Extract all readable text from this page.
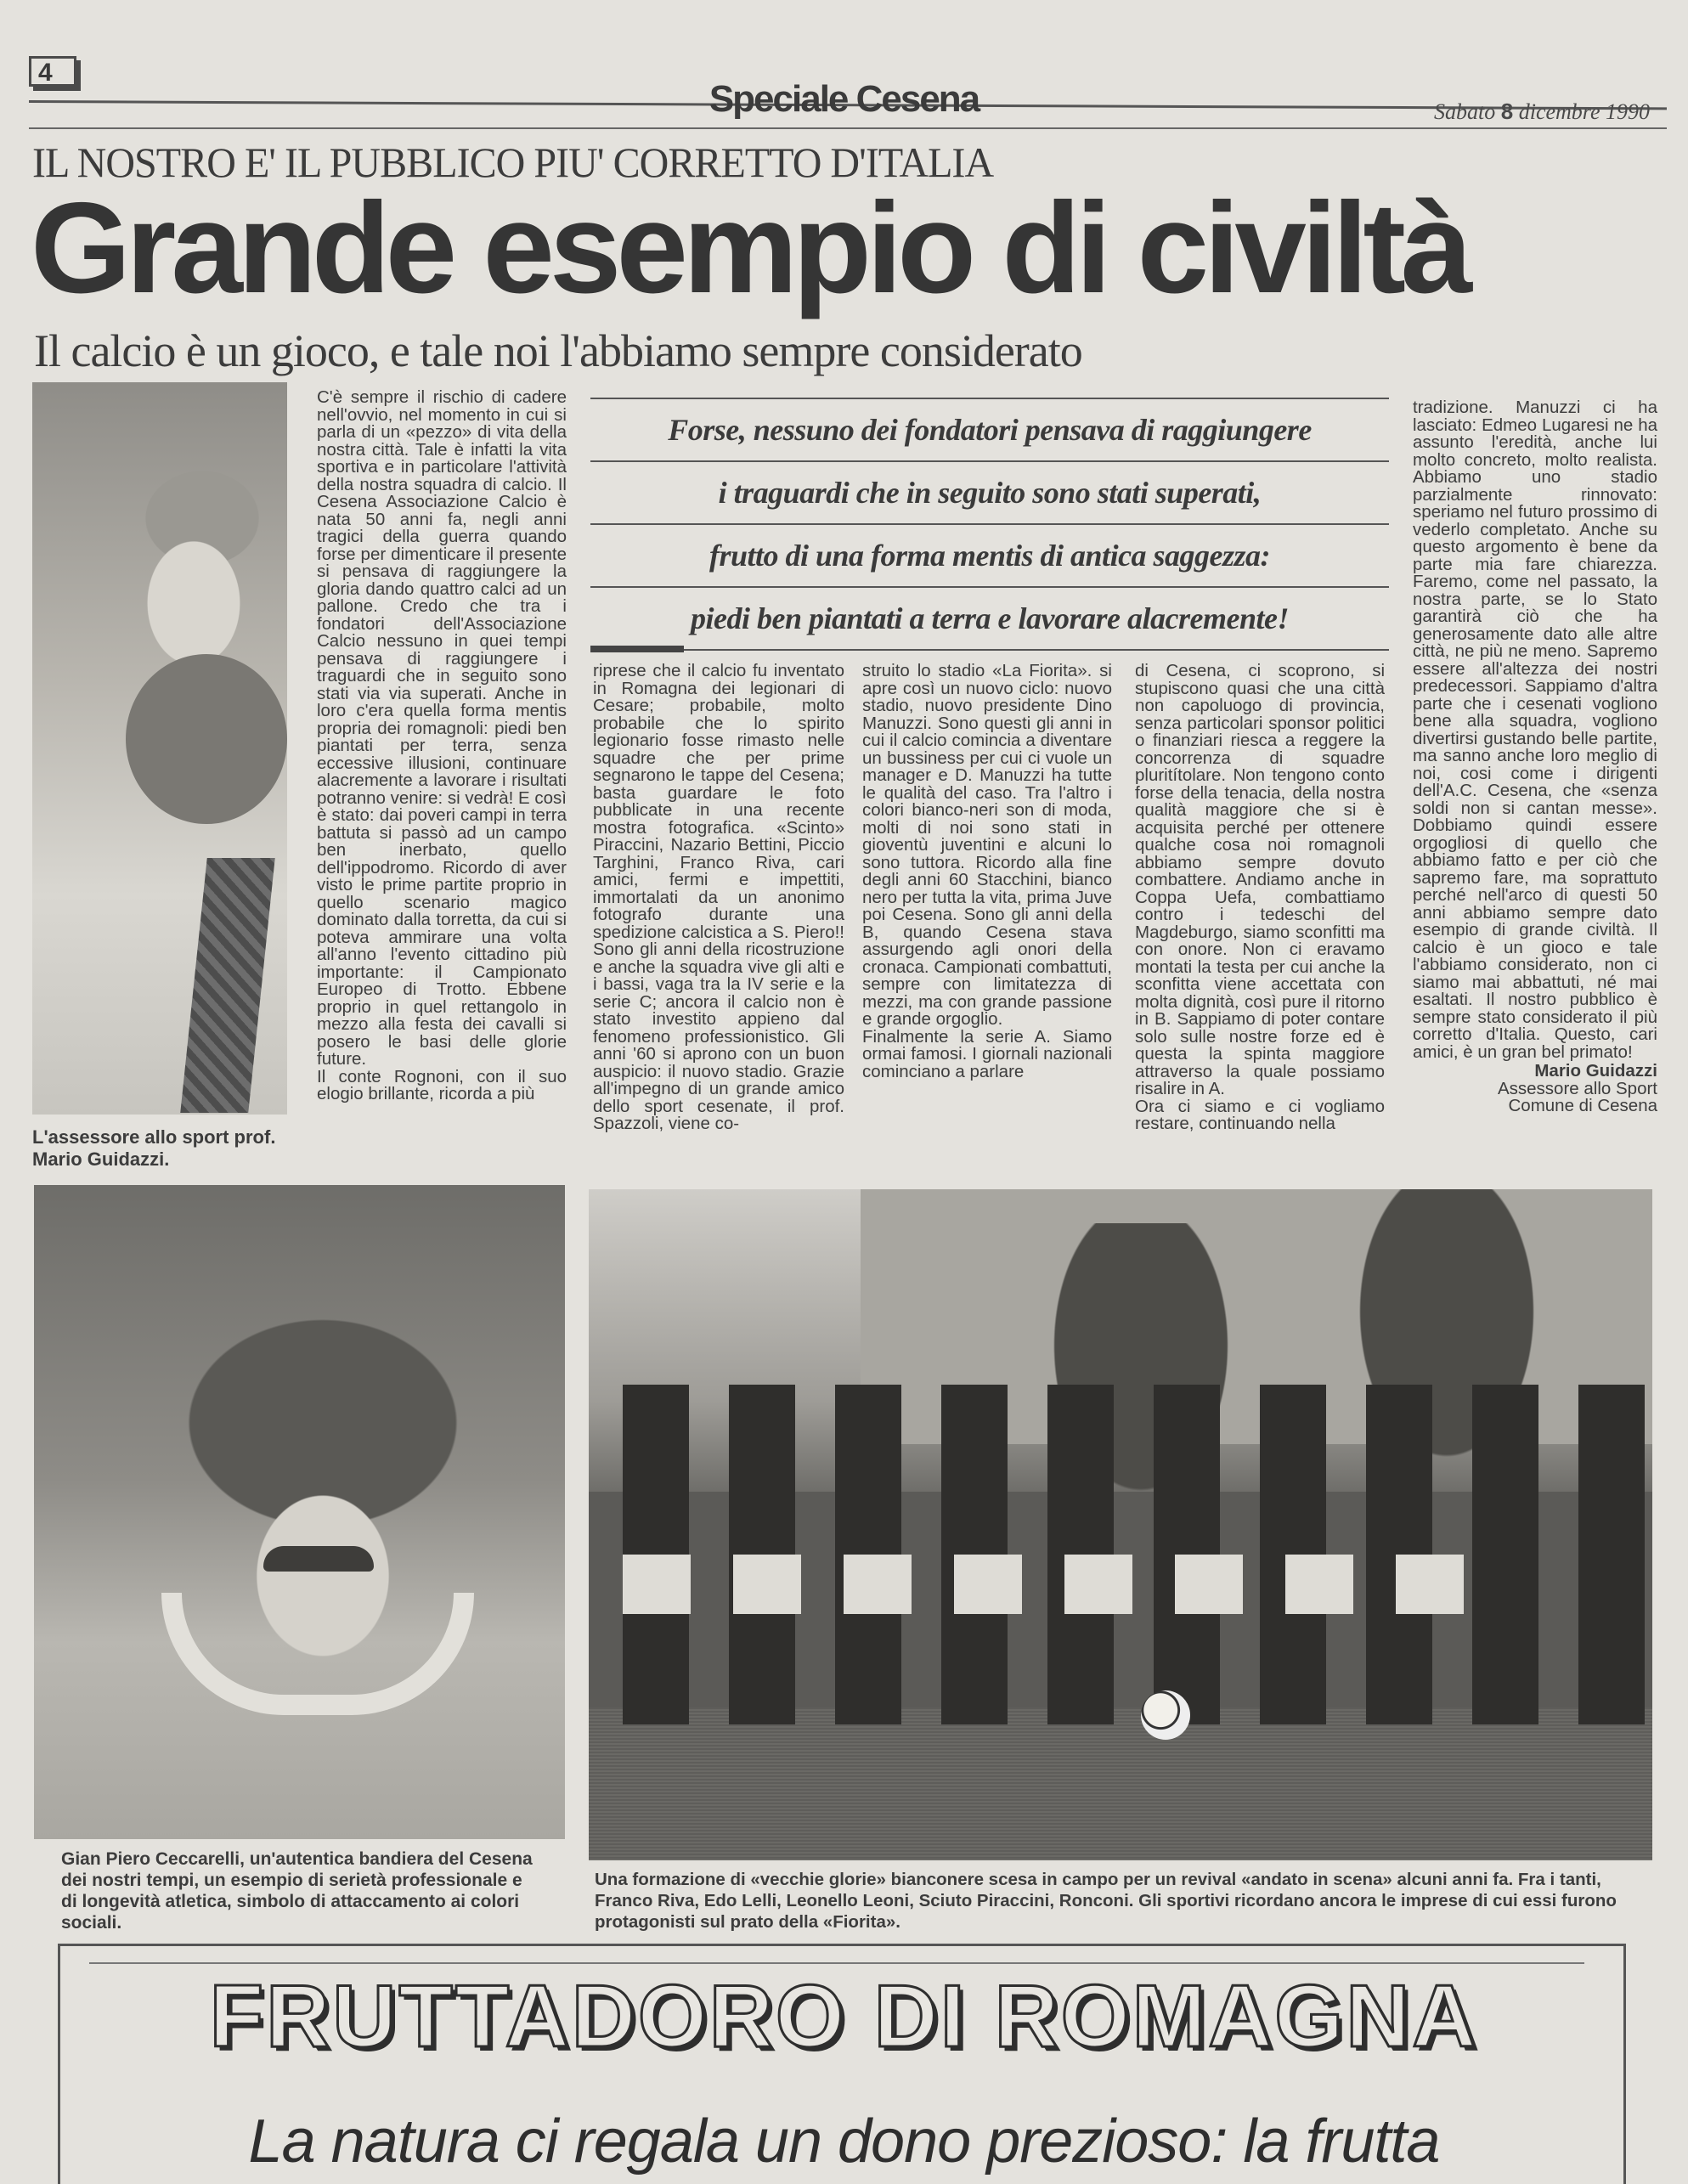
4
Speciale Cesena	Sabato 8 dicembre 1990
IL NOSTRO E' IL PUBBLICO PIU' CORRETTO D'ITALIA
Grande esempio di civiltà
Il calcio è un gioco, e tale noi l'abbiamo sempre considerato
L'assessore allo sport prof. Mario Guidazzi.

C'è sempre il rischio di cadere nell'ovvio, nel momento in cui si parla di un «pezzo» di vita della nostra città. Tale è infatti la vita sportiva e in particolare l'attività della nostra squadra di calcio. Il Cesena Associazione Calcio è nata 50 anni fa, negli anni tragici della guerra quando forse per dimenticare il presente si pensava di raggiungere la gloria dando quattro calci ad un pallone. Credo che tra i fondatori dell'Associazione Calcio nessuno in quei tempi pensava di raggiungere i traguardi che in seguito sono stati via via superati. Anche in loro c'era quella forma mentis propria dei romagnoli: piedi ben piantati per terra, senza eccessive illusioni, continuare alacremente a lavorare i risultati potranno venire: si vedrà! E così è stato: dai poveri campi in terra battuta si passò ad un campo ben inerbato, quello dell'ippodromo. Ricordo di aver visto le prime partite proprio in quello scenario magico dominato dalla torretta, da cui si poteva ammirare una volta all'anno l'evento cittadino più importante: il Campionato Europeo di Trotto. Ebbene proprio in quel rettangolo in mezzo alla festa dei cavalli si posero le basi delle glorie future.

Il conte Rognoni, con il suo elogio brillante, ricorda a più

Forse, nessuno dei fondatori pensava di raggiungere
i traguardi che in seguito sono stati superati,
frutto di una forma mentis di antica saggezza:
piedi ben piantati a terra e lavorare alacremente!

riprese che il calcio fu inventato in Romagna dei legionari di Cesare; probabile, molto probabile che lo spirito legionario fosse rimasto nelle squadre che per prime segnarono le tappe del Cesena; basta guardare le foto pubblicate in una recente mostra fotografica. «Scinto» Piraccini, Nazario Bettini, Piccio Targhini, Franco Riva, cari amici, fermi e impettiti, immortalati da un anonimo fotografo durante una spedizione calcistica a S. Piero!! Sono gli anni della ricostruzione e anche la squadra vive gli alti e i bassi, vaga tra la IV serie e la serie C; ancora il calcio non è stato investito appieno dal fenomeno professionistico. Gli anni '60 si aprono con un buon auspicio: il nuovo stadio. Grazie all'impegno di un grande amico dello sport cesenate, il prof. Spazzoli, viene co-

struito lo stadio «La Fiorita». si apre così un nuovo ciclo: nuovo stadio, nuovo presidente Dino Manuzzi. Sono questi gli anni in cui il calcio comincia a diventare un bussiness per cui ci vuole un manager e D. Manuzzi ha tutte le qualità del caso. Tra l'altro i colori bianco-neri son di moda, molti di noi sono stati in gioventù juventini e alcuni lo sono tuttora. Ricordo alla fine degli anni 60 Stacchini, bianco nero per tutta la vita, prima Juve poi Cesena. Sono gli anni della B, quando Cesena stava assurgendo agli onori della cronaca. Campionati combattuti, sempre con limitatezza di mezzi, ma con grande passione e grande orgoglio.

Finalmente la serie A. Siamo ormai famosi. I giornali nazionali cominciano a parlare

di Cesena, ci scoprono, si stupiscono quasi che una città non capoluogo di provincia, senza particolari sponsor politici o finanziari riesca a reggere la concorrenza di squadre pluritítolare. Non tengono conto forse della tenacia, della nostra qualità maggiore che si è acquisita perché per ottenere qualche cosa noi romagnoli abbiamo sempre dovuto combattere. Andiamo anche in Coppa Uefa, combattiamo contro i tedeschi del Magdeburgo, siamo sconfitti ma con onore. Non ci eravamo montati la testa per cui anche la sconfitta viene accettata con molta dignità, così pure il ritorno in B. Sappiamo di poter contare solo sulle nostre forze ed è questa la spinta maggiore attraverso la quale possiamo risalire in A.

Ora ci siamo e ci vogliamo restare, continuando nella

tradizione. Manuzzi ci ha lasciato: Edmeo Lugaresi ne ha assunto l'eredità, anche lui molto concreto, molto realista. Abbiamo uno stadio parzialmente rinnovato: speriamo nel futuro prossimo di vederlo completato. Anche su questo argomento è bene da parte mia fare chiarezza. Faremo, come nel passato, la nostra parte, se lo Stato garantirà ciò che ha generosamente dato alle altre città, ne più ne meno. Sapremo essere all'altezza dei nostri predecessori. Sappiamo d'altra parte che i cesenati vogliono bene alla squadra, vogliono divertirsi gustando belle partite, ma sanno anche loro meglio di noi, cosi come i dirigenti dell'A.C. Cesena, che «senza soldi non si cantan messe». Dobbiamo quindi essere orgogliosi di quello che abbiamo fatto e per ciò che sapremo fare, ma soprattuto perché nell'arco di questi 50 anni abbiamo sempre dato esempio di grande civiltà. Il calcio è un gioco e tale l'abbiamo considerato, non ci siamo mai abbattuti, né mai esaltati. Il nostro pubblico è sempre stato considerato il più corretto d'Italia. Questo, cari amici, è un gran bel primato!

Mario Guidazzi
Assessore allo Sport
Comune di Cesena
Gian Piero Ceccarelli, un'autentica bandiera del Cesena dei nostri tempi, un esempio di serietà professionale e di longevità atletica, simbolo di attaccamento ai colori sociali.
Una formazione di «vecchie glorie» bianconere scesa in campo per un revival «andato in scena» alcuni anni fa. Fra i tanti, Franco Riva, Edo Lelli, Leonello Leoni, Sciuto Piraccini, Ronconi. Gli sportivi ricordano ancora le imprese di cui essi furono protagonisti sul prato della «Fiorita».
FRUTTADORO DI ROMAGNA
La natura ci regala un dono prezioso: la frutta
